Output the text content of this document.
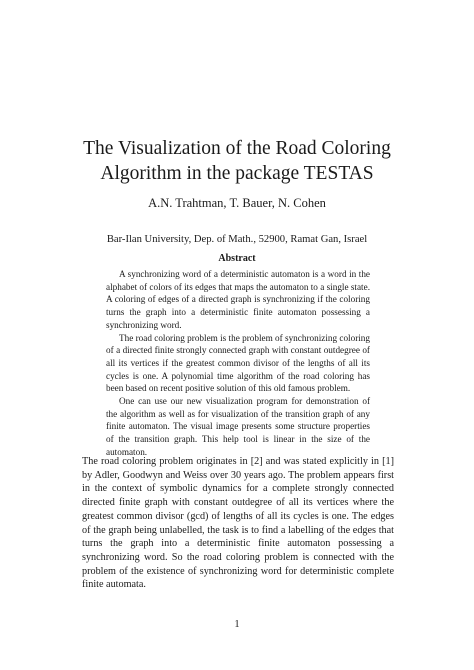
The Visualization of the Road Coloring
Algorithm in the package TESTAS
A.N. Trahtman, T. Bauer, N. Cohen
Bar-Ilan University, Dep. of Math., 52900, Ramat Gan, Israel
Abstract

A synchronizing word of a deterministic automaton is a word in the alphabet of colors of its edges that maps the automaton to a single state. A coloring of edges of a directed graph is synchronizing if the coloring turns the graph into a deterministic finite automaton possessing a synchronizing word.

The road coloring problem is the problem of synchronizing coloring of a directed finite strongly connected graph with constant outdegree of all its vertices if the greatest common divisor of the lengths of all its cycles is one. A polynomial time algorithm of the road coloring has been based on recent positive solution of this old famous problem.

One can use our new visualization program for demonstration of the algorithm as well as for visualization of the transition graph of any finite automaton. The visual image presents some structure properties of the transition graph. This help tool is linear in the size of the automaton.

The road coloring problem originates in [2] and was stated explicitly in [1] by Adler, Goodwyn and Weiss over 30 years ago. The problem appears first in the context of symbolic dynamics for a complete strongly connected directed finite graph with constant outdegree of all its vertices where the greatest common divisor (gcd) of lengths of all its cycles is one. The edges of the graph being unlabelled, the task is to find a labelling of the edges that turns the graph into a deterministic finite automaton possessing a synchronizing word. So the road coloring problem is connected with the problem of the existence of synchronizing word for deterministic complete finite automata.

1
